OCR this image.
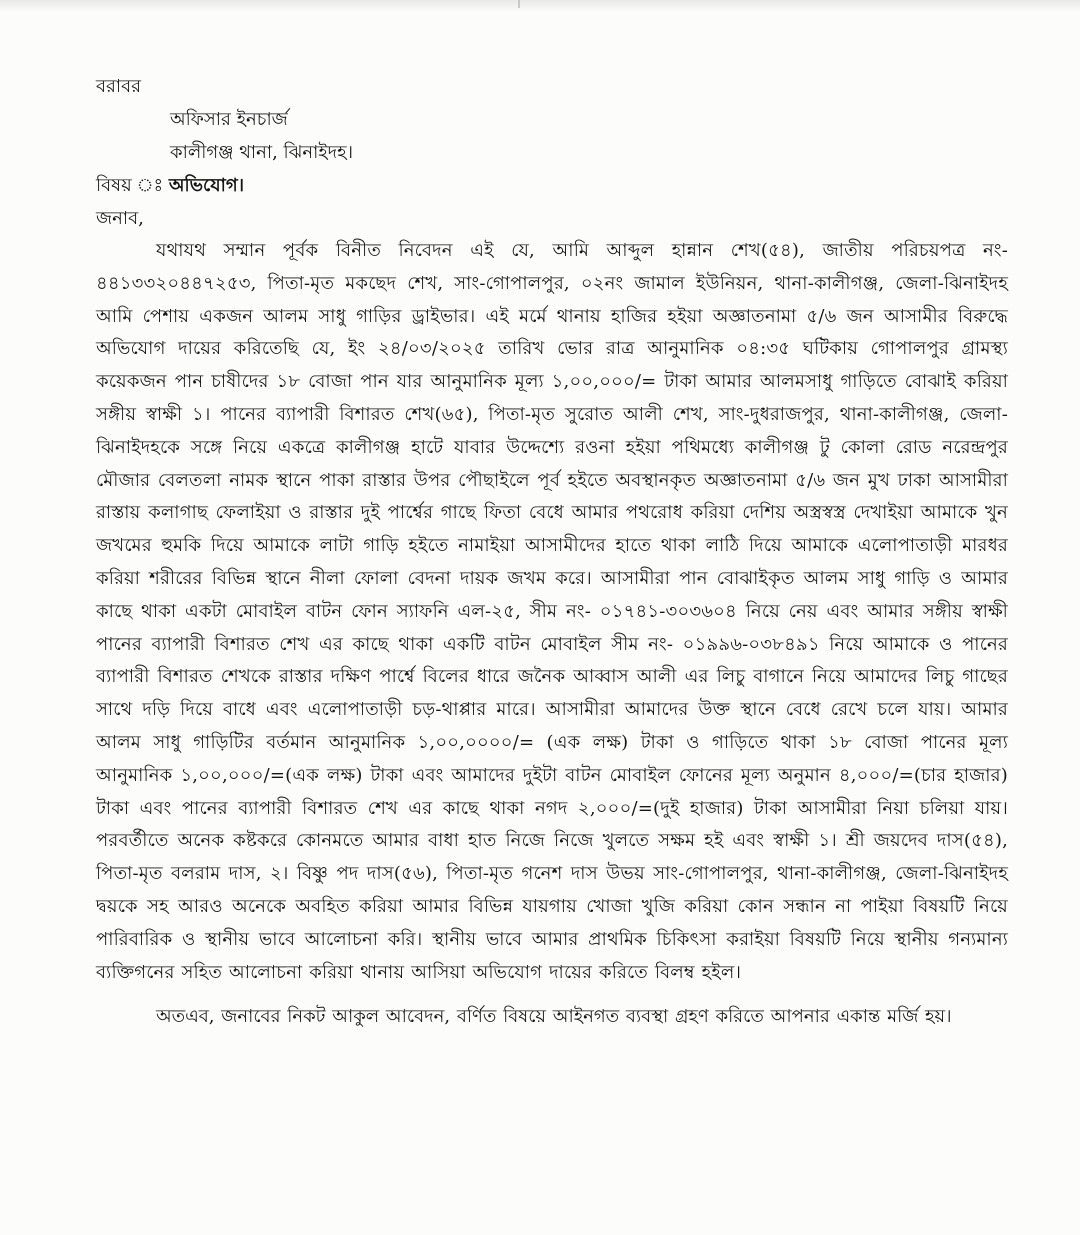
বরাবর

অফিসার ইনচার্জ

কালীগঞ্জ থানা, ঝিনাইদহ।

বিষয় ঃ অভিযোগ।

জনাব,

যথাযথ সম্মান পূর্বক বিনীত নিবেদন এই যে, আমি আব্দুল হান্নান শেখ(৫৪), জাতীয় পরিচয়পত্র নং- ৪৪১৩৩২০৪৪৭২৫৩, পিতা-মৃত মকছেদ শেখ, সাং-গোপালপুর, ০২নং জামাল ইউনিয়ন, থানা-কালীগঞ্জ, জেলা-ঝিনাইদহ আমি পেশায় একজন আলম সাধু গাড়ির ড্রাইভার। এই মর্মে থানায় হাজির হইয়া অজ্ঞাতনামা ৫/৬ জন আসামীর বিরুদ্ধে অভিযোগ দায়ের করিতেছি যে, ইং ২৪/০৩/২০২৫ তারিখ ভোর রাত্র আনুমানিক ০৪:৩৫ ঘটিকায় গোপালপুর গ্রামস্থ্য কয়েকজন পান চাষীদের ১৮ বোজা পান যার আনুমানিক মূল্য ১,০০,০০০/= টাকা আমার আলমসাধু গাড়িতে বোঝাই করিয়া সঙ্গীয় স্বাক্ষী ১। পানের ব্যাপারী বিশারত শেখ(৬৫), পিতা-মৃত সুরোত আলী শেখ, সাং-দুধরাজপুর, থানা-কালীগঞ্জ, জেলা-ঝিনাইদহকে সঙ্গে নিয়ে একত্রে কালীগঞ্জ হাটে যাবার উদ্দেশ্যে রওনা হইয়া পথিমধ্যে কালীগঞ্জ টু কোলা রোড নরেন্দ্রপুর মৌজার বেলতলা নামক স্থানে পাকা রাস্তার উপর পৌছাইলে পূর্ব হইতে অবস্থানকৃত অজ্ঞাতনামা ৫/৬ জন মুখ ঢাকা আসামীরা রাস্তায় কলাগাছ ফেলাইয়া ও রাস্তার দুই পার্শ্বের গাছে ফিতা বেধে আমার পথরোধ করিয়া দেশিয় অস্ত্রস্বস্ত্র দেখাইয়া আমাকে খুন জখমের হুমকি দিয়ে আমাকে লাটা গাড়ি হইতে নামাইয়া আসামীদের হাতে থাকা লাঠি দিয়ে আমাকে এলোপাতাড়ী মারধর করিয়া শরীরের বিভিন্ন স্থানে নীলা ফোলা বেদনা দায়ক জখম করে। আসামীরা পান বোঝাইকৃত আলম সাধু গাড়ি ও আমার কাছে থাকা একটা মোবাইল বাটন ফোন স্যাফনি এল-২৫, সীম নং- ০১৭৪১-৩০৩৬০৪ নিয়ে নেয় এবং আমার সঙ্গীয় স্বাক্ষী পানের ব্যাপারী বিশারত শেখ এর কাছে থাকা একটি বাটন মোবাইল সীম নং- ০১৯৯৬-০৩৮৪৯১ নিয়ে আমাকে ও পানের ব্যাপারী বিশারত শেখকে রাস্তার দক্ষিণ পার্শ্বে বিলের ধারে জনৈক আব্বাস আলী এর লিচু বাগানে নিয়ে আমাদের লিচু গাছের সাথে দড়ি দিয়ে বাধে এবং এলোপাতাড়ী চড়-থাপ্পার মারে। আসামীরা আমাদের উক্ত স্থানে বেধে রেখে চলে যায়। আমার আলম সাধু গাড়িটির বর্তমান আনুমানিক ১,০০,০০০০/= (এক লক্ষ) টাকা ও গাড়িতে থাকা ১৮ বোজা পানের মূল্য আনুমানিক ১,০০,০০০/=(এক লক্ষ) টাকা এবং আমাদের দুইটা বাটন মোবাইল ফোনের মূল্য অনুমান ৪,০০০/=(চার হাজার) টাকা এবং পানের ব্যাপারী বিশারত শেখ এর কাছে থাকা নগদ ২,০০০/=(দুই হাজার) টাকা আসামীরা নিয়া চলিয়া যায়। পরবর্তীতে অনেক কষ্টকরে কোনমতে আমার বাধা হাত নিজে নিজে খুলতে সক্ষম হই এবং স্বাক্ষী ১। শ্রী জয়দেব দাস(৫৪), পিতা-মৃত বলরাম দাস, ২। বিষ্ণু পদ দাস(৫৬), পিতা-মৃত গনেশ দাস উভয় সাং-গোপালপুর, থানা-কালীগঞ্জ, জেলা-ঝিনাইদহ দ্বয়কে সহ আরও অনেকে অবহিত করিয়া আমার বিভিন্ন যায়গায় খোজা খুজি করিয়া কোন সন্ধান না পাইয়া বিষয়টি নিয়ে পারিবারিক ও স্থানীয় ভাবে আলোচনা করি। স্থানীয় ভাবে আমার প্রাথমিক চিকিৎসা করাইয়া বিষয়টি নিয়ে স্থানীয় গন্যমান্য ব্যক্তিগনের সহিত আলোচনা করিয়া থানায় আসিয়া অভিযোগ দায়ের করিতে বিলম্ব হইল।

অতএব, জনাবের নিকট আকুল আবেদন, বর্ণিত বিষয়ে আইনগত ব্যবস্থা গ্রহণ করিতে আপনার একান্ত মর্জি হয়।
